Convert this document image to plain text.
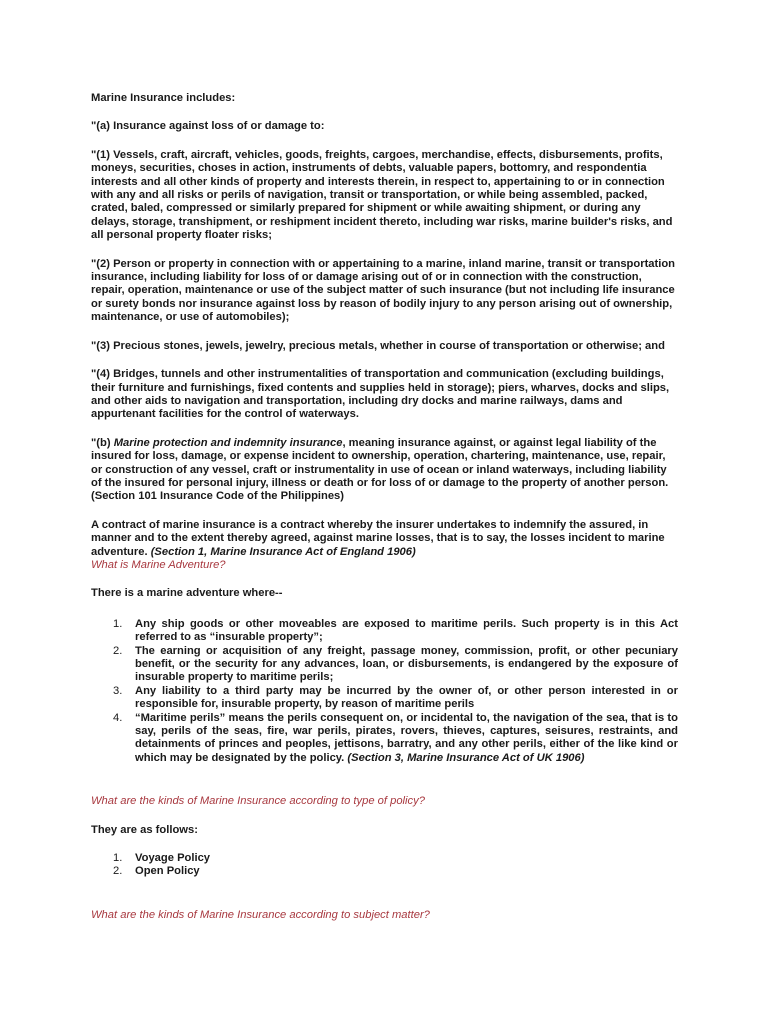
Marine Insurance includes:

"(a) Insurance against loss of or damage to:

"(1) Vessels, craft, aircraft, vehicles, goods, freights, cargoes, merchandise, effects, disbursements, profits, moneys, securities, choses in action, instruments of debts, valuable papers, bottomry, and respondentia interests and all other kinds of property and interests therein, in respect to, appertaining to or in connection with any and all risks or perils of navigation, transit or transportation, or while being assembled, packed, crated, baled, compressed or similarly prepared for shipment or while awaiting shipment, or during any delays, storage, transhipment, or reshipment incident thereto, including war risks, marine builder's risks, and all personal property floater risks;

"(2) Person or property in connection with or appertaining to a marine, inland marine, transit or transportation insurance, including liability for loss of or damage arising out of or in connection with the construction, repair, operation, maintenance or use of the subject matter of such insurance (but not including life insurance or surety bonds nor insurance against loss by reason of bodily injury to any person arising out of ownership, maintenance, or use of automobiles);

"(3) Precious stones, jewels, jewelry, precious metals, whether in course of transportation or otherwise; and

"(4) Bridges, tunnels and other instrumentalities of transportation and communication (excluding buildings, their furniture and furnishings, fixed contents and supplies held in storage); piers, wharves, docks and slips, and other aids to navigation and transportation, including dry docks and marine railways, dams and appurtenant facilities for the control of waterways.

"(b) Marine protection and indemnity insurance, meaning insurance against, or against legal liability of the insured for loss, damage, or expense incident to ownership, operation, chartering, maintenance, use, repair, or construction of any vessel, craft or instrumentality in use of ocean or inland waterways, including liability of the insured for personal injury, illness or death or for loss of or damage to the property of another person. (Section 101 Insurance Code of the Philippines)

A contract of marine insurance is a contract whereby the insurer undertakes to indemnify the assured, in manner and to the extent thereby agreed, against marine losses, that is to say, the losses incident to marine adventure. (Section 1, Marine Insurance Act of England 1906)

What is Marine Adventure?

There is a marine adventure where--

1. Any ship goods or other moveables are exposed to maritime perils. Such property is in this Act referred to as “insurable property”;
2. The earning or acquisition of any freight, passage money, commission, profit, or other pecuniary benefit, or the security for any advances, loan, or disbursements, is endangered by the exposure of insurable property to maritime perils;
3. Any liability to a third party may be incurred by the owner of, or other person interested in or responsible for, insurable property, by reason of maritime perils
4. “Maritime perils” means the perils consequent on, or incidental to, the navigation of the sea, that is to say, perils of the seas, fire, war perils, pirates, rovers, thieves, captures, seisures, restraints, and detainments of princes and peoples, jettisons, barratry, and any other perils, either of the like kind or which may be designated by the policy. (Section 3, Marine Insurance Act of UK 1906)

What are the kinds of Marine Insurance according to type of policy?

They are as follows:

1. Voyage Policy
2. Open Policy

What are the kinds of Marine Insurance according to subject matter?
